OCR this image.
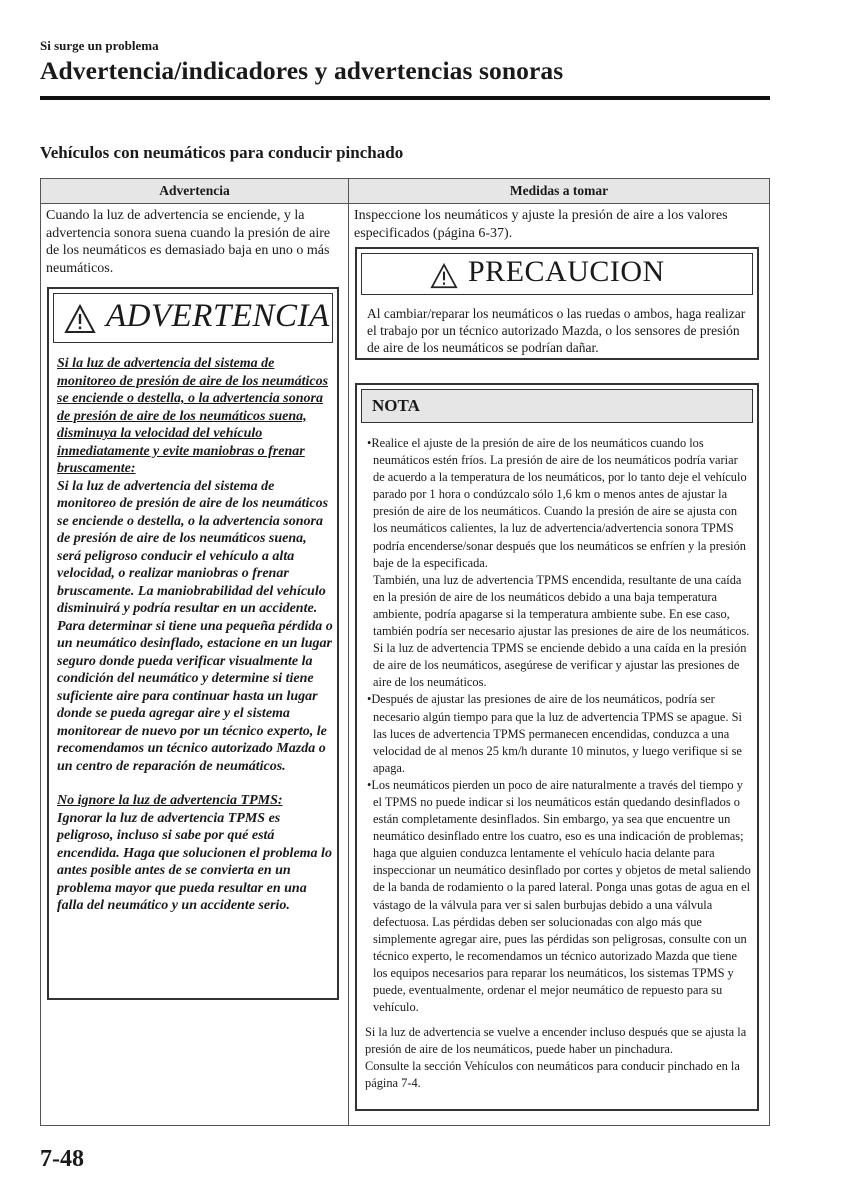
Si surge un problema
Advertencia/indicadores y advertencias sonoras
Vehículos con neumáticos para conducir pinchado
Advertencia	Medidas a tomar
Cuando la luz de advertencia se enciende, y la advertencia sonora suena cuando la presión de aire de los neumáticos es demasiado baja en uno o más neumáticos.
Inspeccione los neumáticos y ajuste la presión de aire a los valores especificados (página 6-37).
ADVERTENCIA

Si la luz de advertencia del sistema de monitoreo de presión de aire de los neumáticos se enciende o destella, o la advertencia sonora de presión de aire de los neumáticos suena, disminuya la velocidad del vehículo inmediatamente y evite maniobras o frenar bruscamente:

Si la luz de advertencia del sistema de monitoreo de presión de aire de los neumáticos se enciende o destella, o la advertencia sonora de presión de aire de los neumáticos suena, será peligroso conducir el vehículo a alta velocidad, o realizar maniobras o frenar bruscamente. La maniobrabilidad del vehículo disminuirá y podría resultar en un accidente.

Para determinar si tiene una pequeña pérdida o un neumático desinflado, estacione en un lugar seguro donde pueda verificar visualmente la condición del neumático y determine si tiene suficiente aire para continuar hasta un lugar donde se pueda agregar aire y el sistema monitorear de nuevo por un técnico experto, le recomendamos un técnico autorizado Mazda o un centro de reparación de neumáticos.

No ignore la luz de advertencia TPMS:

Ignorar la luz de advertencia TPMS es peligroso, incluso si sabe por qué está encendida. Haga que solucionen el problema lo antes posible antes de se convierta en un problema mayor que pueda resultar en una falla del neumático y un accidente serio.

PRECAUCION
Al cambiar/reparar los neumáticos o las ruedas o ambos, haga realizar el trabajo por un técnico autorizado Mazda, o los sensores de presión de aire de los neumáticos se podrían dañar.
NOTA

•Realice el ajuste de la presión de aire de los neumáticos cuando los neumáticos estén fríos. La presión de aire de los neumáticos podría variar de acuerdo a la temperatura de los neumáticos, por lo tanto deje el vehículo parado por 1 hora o condúzcalo sólo 1,6 km o menos antes de ajustar la presión de aire de los neumáticos. Cuando la presión de aire se ajusta con los neumáticos calientes, la luz de advertencia/advertencia sonora TPMS podría encenderse/sonar después que los neumáticos se enfríen y la presión baje de la especificada.

También, una luz de advertencia TPMS encendida, resultante de una caída en la presión de aire de los neumáticos debido a una baja temperatura ambiente, podría apagarse si la temperatura ambiente sube. En ese caso, también podría ser necesario ajustar las presiones de aire de los neumáticos. Si la luz de advertencia TPMS se enciende debido a una caída en la presión de aire de los neumáticos, asegúrese de verificar y ajustar las presiones de aire de los neumáticos.

•Después de ajustar las presiones de aire de los neumáticos, podría ser necesario algún tiempo para que la luz de advertencia TPMS se apague. Si las luces de advertencia TPMS permanecen encendidas, conduzca a una velocidad de al menos 25 km/h durante 10 minutos, y luego verifique si se apaga.

•Los neumáticos pierden un poco de aire naturalmente a través del tiempo y el TPMS no puede indicar si los neumáticos están quedando desinflados o están completamente desinflados. Sin embargo, ya sea que encuentre un neumático desinflado entre los cuatro, eso es una indicación de problemas; haga que alguien conduzca lentamente el vehículo hacia delante para inspeccionar un neumático desinflado por cortes y objetos de metal saliendo de la banda de rodamiento o la pared lateral. Ponga unas gotas de agua en el vástago de la válvula para ver si salen burbujas debido a una válvula defectuosa. Las pérdidas deben ser solucionadas con algo más que simplemente agregar aire, pues las pérdidas son peligrosas, consulte con un técnico experto, le recomendamos un técnico autorizado Mazda que tiene los equipos necesarios para reparar los neumáticos, los sistemas TPMS y puede, eventualmente, ordenar el mejor neumático de repuesto para su vehículo.

Si la luz de advertencia se vuelve a encender incluso después que se ajusta la presión de aire de los neumáticos, puede haber un pinchadura.

Consulte la sección Vehículos con neumáticos para conducir pinchado en la página 7-4.

7-48
